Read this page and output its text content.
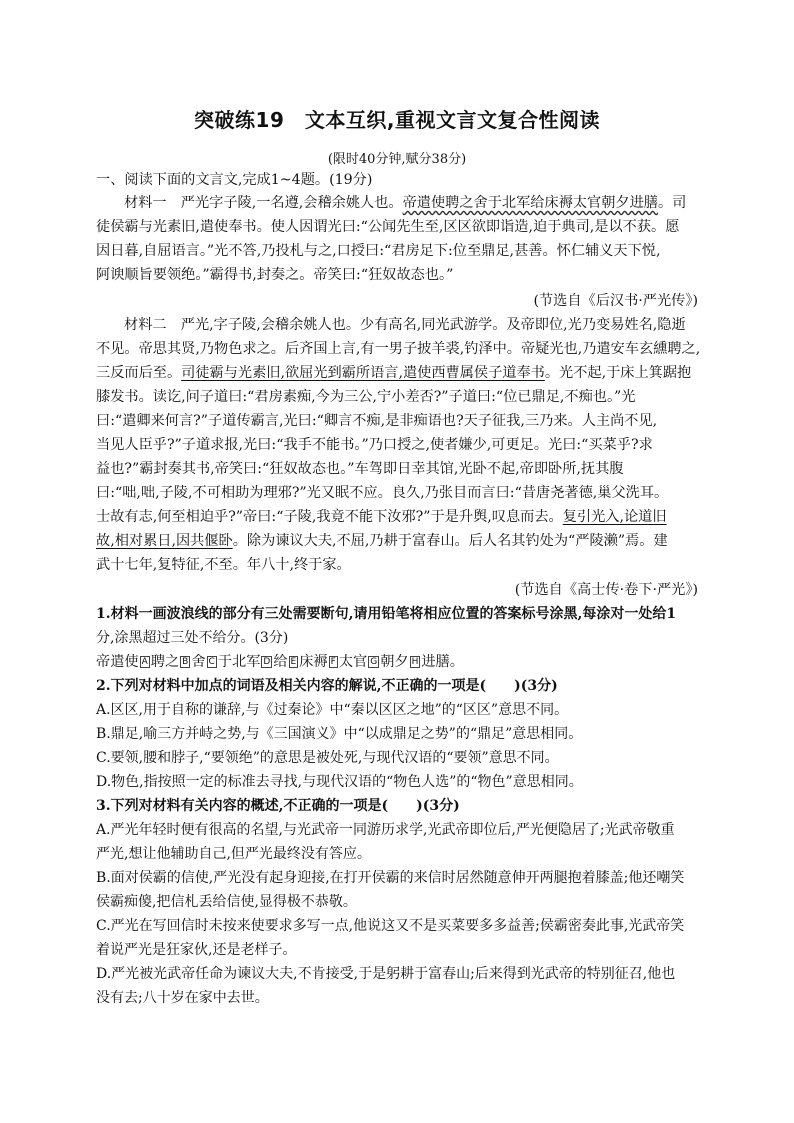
突破练19　文本互织,重视文言文复合性阅读
(限时40分钟,赋分38分)
一、阅读下面的文言文,完成1~4题。(19分)
材料一　严光字子陵,一名遵,会稽余姚人也。帝遣使聘之舍于北军给床褥太官朝夕进膳。司
徒侯霸与光素旧,遣使奉书。使人因谓光曰:“公闻先生至,区区欲即诣造,迫于典司,是以不获。愿
因日暮,自屈语言。”光不答,乃投札与之,口授曰:“君房足下:位至鼎足,甚善。怀仁辅义天下悦,
阿谀顺旨要领绝。”霸得书,封奏之。帝笑曰:“狂奴故态也。”
(节选自《后汉书·严光传》)
材料二　严光,字子陵,会稽余姚人也。少有高名,同光武游学。及帝即位,光乃变易姓名,隐逝
不见。帝思其贤,乃物色求之。后齐国上言,有一男子披羊裘,钓泽中。帝疑光也,乃遣安车玄纁聘之,
三反而后至。司徒霸与光素旧,欲屈光到霸所语言,遣使西曹属侯子道奉书。光不起,于床上箕踞抱
膝发书。读讫,问子道曰:“君房素痴,今为三公,宁小差否?”子道曰:“位已鼎足,不痴也。”光
曰:“遣卿来何言?”子道传霸言,光曰:“卿言不痴,是非痴语也?天子征我,三乃来。人主尚不见,
当见人臣乎?”子道求报,光曰:“我手不能书。”乃口授之,使者嫌少,可更足。光曰:“买菜乎?求
益也?”霸封奏其书,帝笑曰:“狂奴故态也。”车驾即日幸其馆,光卧不起,帝即卧所,抚其腹
曰:“咄,咄,子陵,不可相助为理邪?”光又眠不应。良久,乃张目而言曰:“昔唐尧著德,巢父洗耳。
士故有志,何至相迫乎?”帝曰:“子陵,我竟不能下汝邪?”于是升舆,叹息而去。复引光入,论道旧
故,相对累日,因共偃卧。除为谏议大夫,不屈,乃耕于富春山。后人名其钓处为“严陵濑”焉。建
武十七年,复特征,不至。年八十,终于家。
(节选自《高士传·卷下·严光》)
1.材料一画波浪线的部分有三处需要断句,请用铅笔将相应位置的答案标号涂黑,每涂对一处给1
分,涂黑超过三处不给分。(3分)
帝遣使 A 聘之 B 舍 C 于北军 D 给 E 床褥 F 太官 G 朝夕 H 进膳。
2.下列对材料中加点的词语及相关内容的解说,不正确的一项是(　　)(3分)
A.区区,用于自称的谦辞,与《过秦论》中“秦以区区之地”的“区区”意思不同。
B.鼎足,喻三方并峙之势,与《三国演义》中“以成鼎足之势”的“鼎足”意思相同。
C.要领,腰和脖子,“要领绝”的意思是被处死,与现代汉语的“要领”意思不同。
D.物色,指按照一定的标准去寻找,与现代汉语的“物色人选”的“物色”意思相同。
3.下列对材料有关内容的概述,不正确的一项是(　　)(3分)
A.严光年轻时便有很高的名望,与光武帝一同游历求学,光武帝即位后,严光便隐居了;光武帝敬重
严光,想让他辅助自己,但严光最终没有答应。
B.面对侯霸的信使,严光没有起身迎接,在打开侯霸的来信时居然随意伸开两腿抱着膝盖;他还嘲笑
侯霸痴傻,把信札丢给信使,显得极不恭敬。
C.严光在写回信时未按来使要求多写一点,他说这又不是买菜要多多益善;侯霸密奏此事,光武帝笑
着说严光是狂家伙,还是老样子。
D.严光被光武帝任命为谏议大夫,不肯接受,于是躬耕于富春山;后来得到光武帝的特别征召,他也
没有去;八十岁在家中去世。
